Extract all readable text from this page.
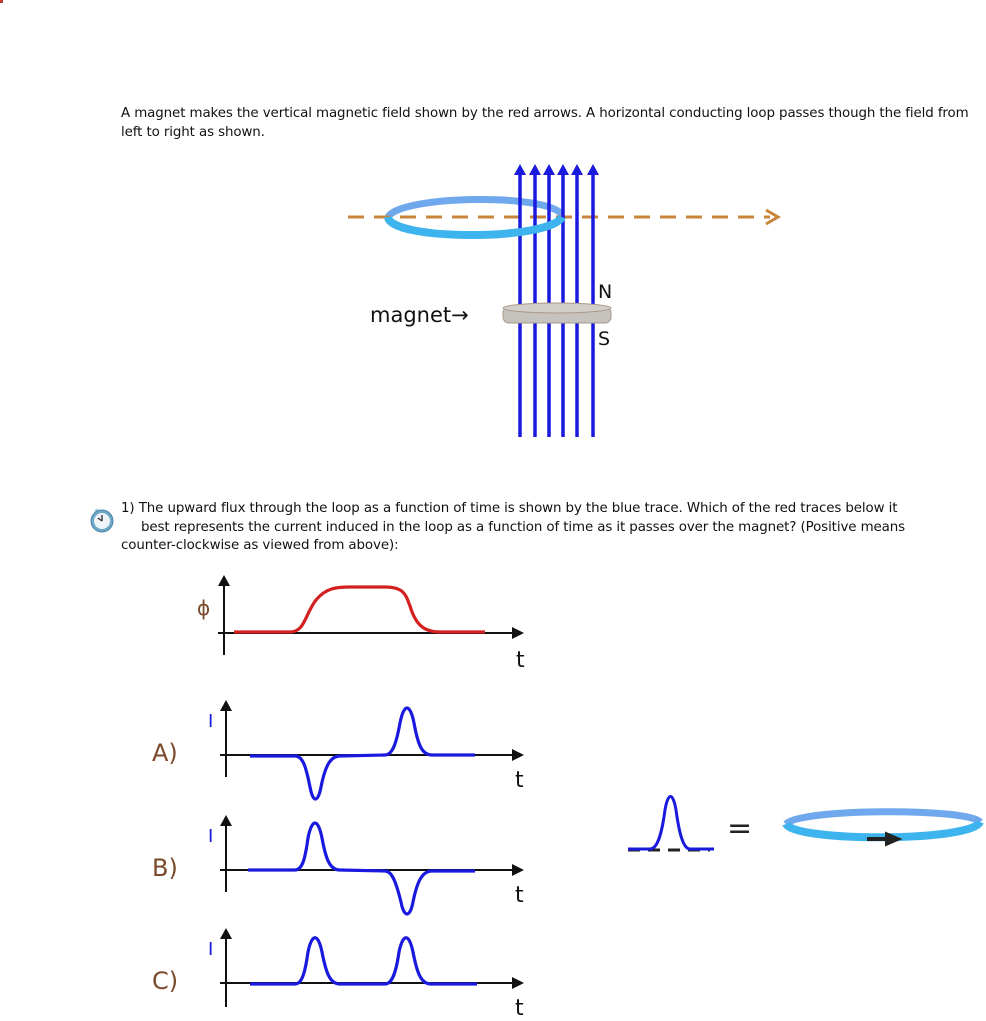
A magnet makes the vertical magnetic field shown by the red arrows. A horizontal conducting loop passes though the field from left to right as shown.
magnet→
N
S
1) The upward flux through the loop as a function of time is shown by the blue trace. Which of the red traces below it
best represents the current induced in the loop as a function of time as it passes over the magnet? (Positive means
counter-clockwise as viewed from above):
ϕ
t
A)
I
t
B)
I
t
C)
I
t
=
